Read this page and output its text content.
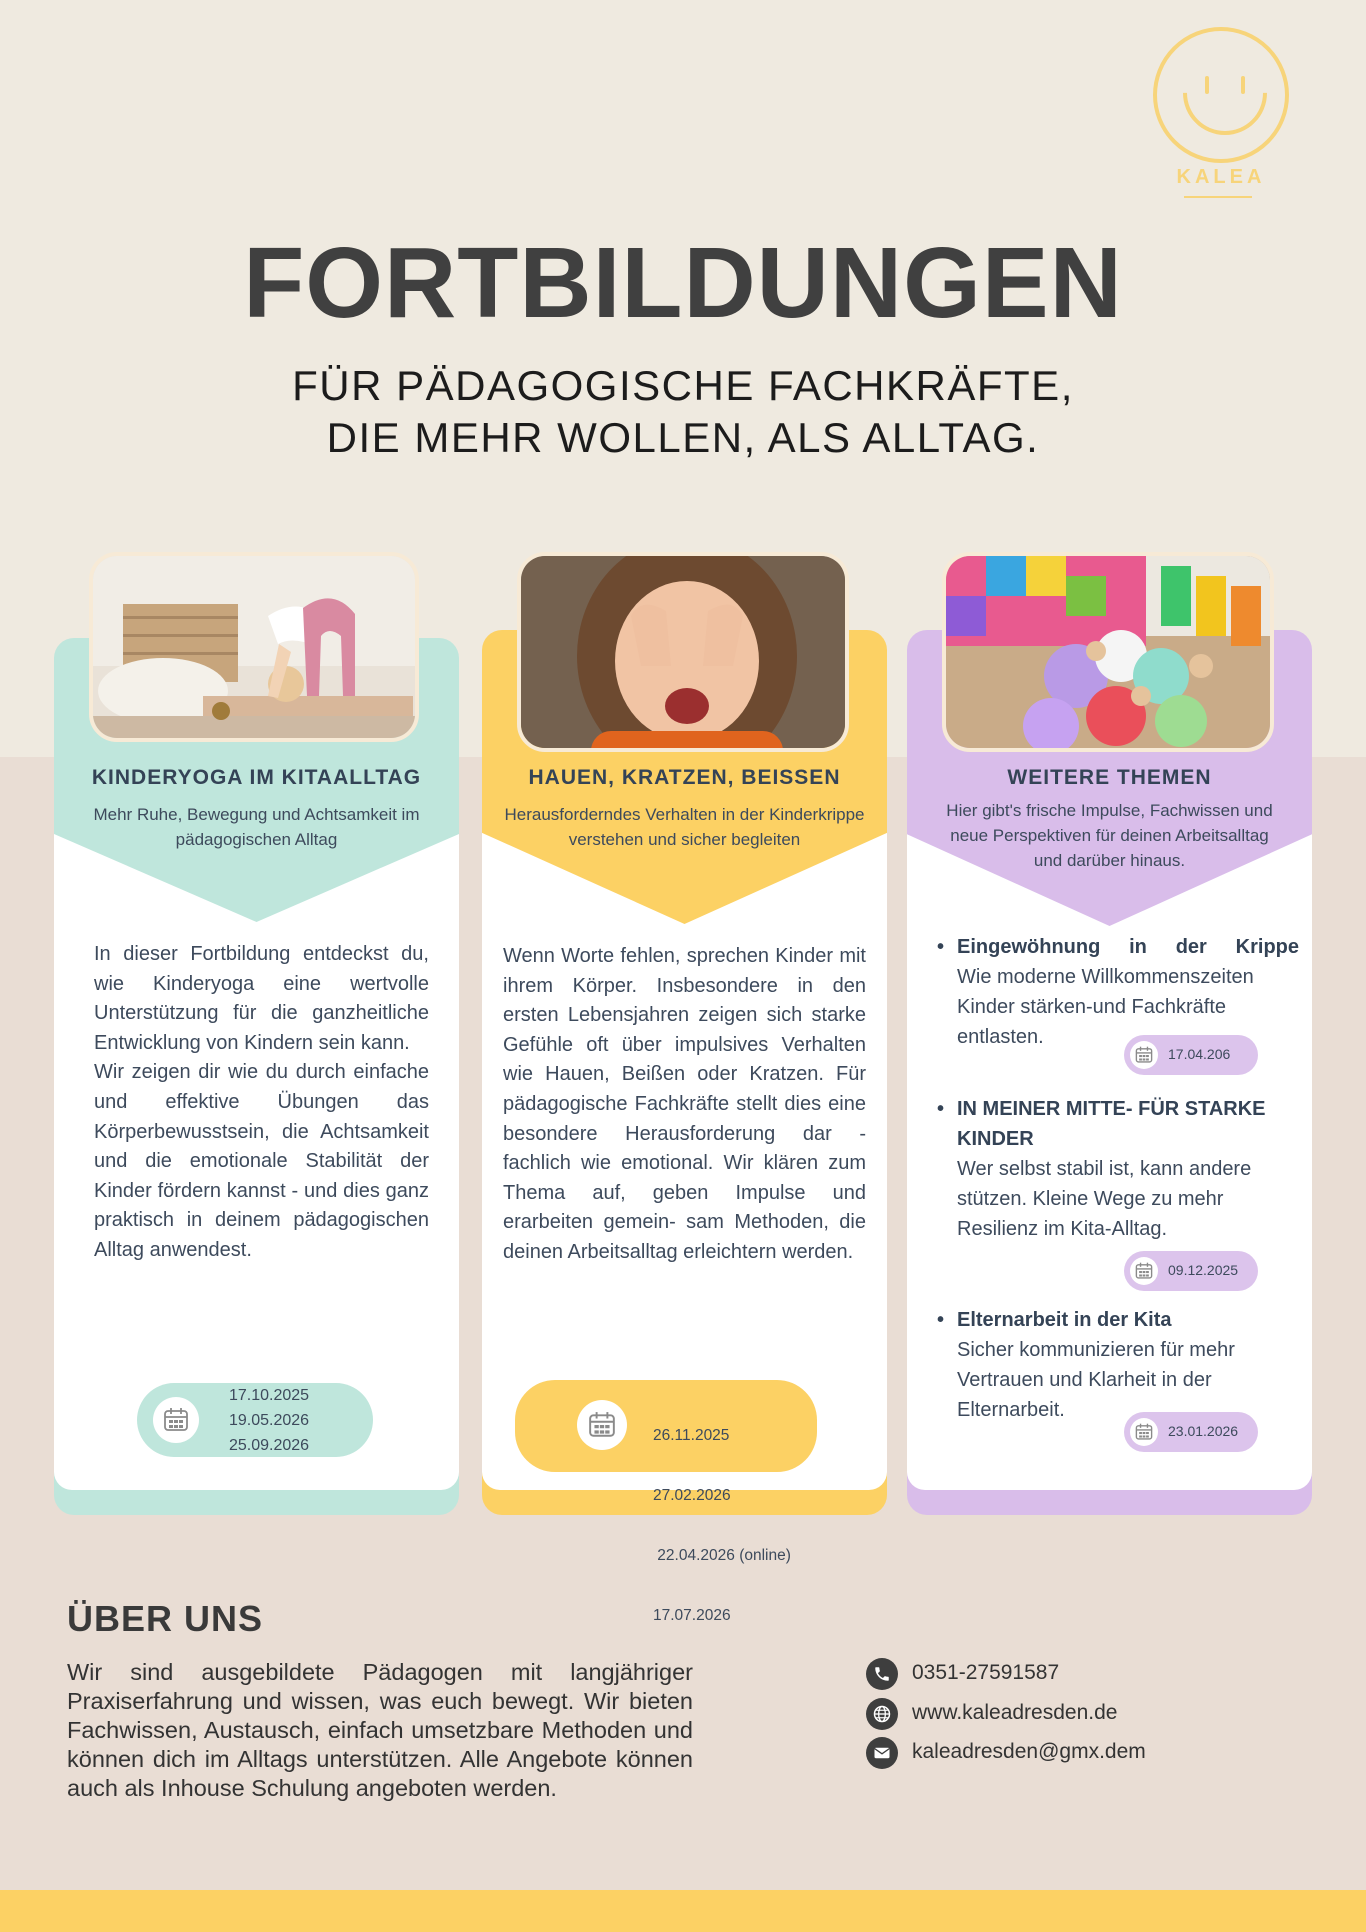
KALEA
FORTBILDUNGEN
FÜR PÄDAGOGISCHE FACHKRÄFTE,
DIE MEHR WOLLEN, ALS ALLTAG.
KINDERYOGA IM KITAALLTAG
Mehr Ruhe, Bewegung und Achtsamkeit im pädagogischen Alltag
In dieser Fortbildung entdeckst du, wie Kinderyoga eine wertvolle Unterstützung für die ganzheitliche Entwicklung von Kindern sein kann.
Wir zeigen dir wie du durch einfache und effektive Übungen das Körperbewusstsein, die Achtsamkeit und die emotionale Stabilität der Kinder fördern kannst - und dies ganz praktisch in deinem pädagogischen Alltag anwendest.
17.10.2025
19.05.2026
25.09.2026
HAUEN, KRATZEN, BEISSEN
Herausforderndes Verhalten in der Kinderkrippe verstehen und sicher begleiten
Wenn Worte fehlen, sprechen Kinder mit ihrem Körper. Insbesondere in den ersten Lebensjahren zeigen sich starke Gefühle oft über impulsives Verhalten wie Hauen, Beißen oder Kratzen. Für pädagogische Fachkräfte stellt dies eine besondere Herausforderung dar - fachlich wie emotional. Wir klären zum Thema auf, geben Impulse und erarbeiten gemein- sam Methoden, die deinen Arbeitsalltag erleichtern werden.

26.11.2025

27.02.2026

22.04.2026 (online)

17.07.2026

WEITERE THEMEN
Hier gibt's frische Impulse, Fachwissen und neue Perspektiven für deinen Arbeitsalltag und darüber hinaus.
• Eingewöhnung in der Krippe
Wie moderne Willkommenszeiten Kinder stärken-und Fachkräfte entlasten.
17.04.206
• IN MEINER MITTE- FÜR STARKE KINDER
Wer selbst stabil ist, kann andere stützen. Kleine Wege zu mehr Resilienz im Kita-Alltag.
09.12.2025
• Elternarbeit in der Kita
Sicher kommunizieren für mehr Vertrauen und Klarheit in der Elternarbeit.
23.01.2026
ÜBER UNS
Wir sind ausgebildete Pädagogen mit langjähriger Praxiserfahrung und wissen, was euch bewegt. Wir bieten Fachwissen, Austausch, einfach umsetzbare Methoden und können dich im Alltags unterstützen. Alle Angebote können auch als Inhouse Schulung angeboten werden.
0351-27591587
www.kaleadresden.de
kaleadresden@gmx.dem
